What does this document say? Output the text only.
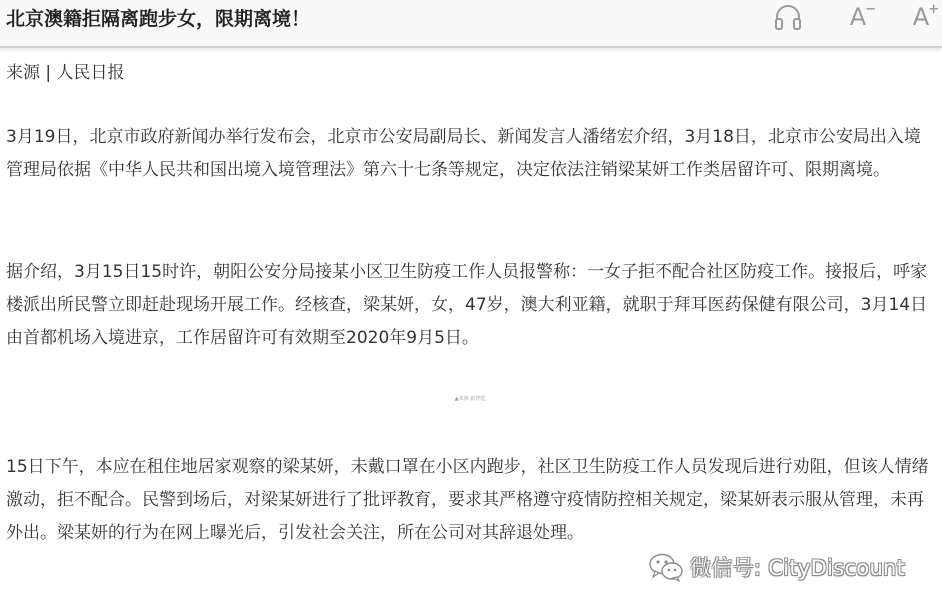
北京澳籍拒隔离跑步女，限期离境！	A − A +
来源 | 人民日报

3月19日，北京市政府新闻办举行发布会，北京市公安局副局长、新闻发言人潘绪宏介绍，3月18日，北京市公安局出入境管理局依据《中华人民共和国出境入境管理法》第六十七条等规定，决定依法注销梁某妍工作类居留许可、限期离境。

据介绍，3月15日15时许，朝阳公安分局接某小区卫生防疫工作人员报警称：一女子拒不配合社区防疫工作。接报后，呼家楼派出所民警立即赶赴现场开展工作。经核查，梁某妍，女，47岁，澳大利亚籍，就职于拜耳医药保健有限公司，3月14日由首都机场入境进京，工作居留许可有效期至2020年9月5日。

▲来源 新智能

15日下午，本应在租住地居家观察的梁某妍，未戴口罩在小区内跑步，社区卫生防疫工作人员发现后进行劝阻，但该人情绪激动，拒不配合。民警到场后，对梁某妍进行了批评教育，要求其严格遵守疫情防控相关规定，梁某妍表示服从管理，未再外出。梁某妍的行为在网上曝光后，引发社会关注，所在公司对其辞退处理。

微信号: CityDiscount
